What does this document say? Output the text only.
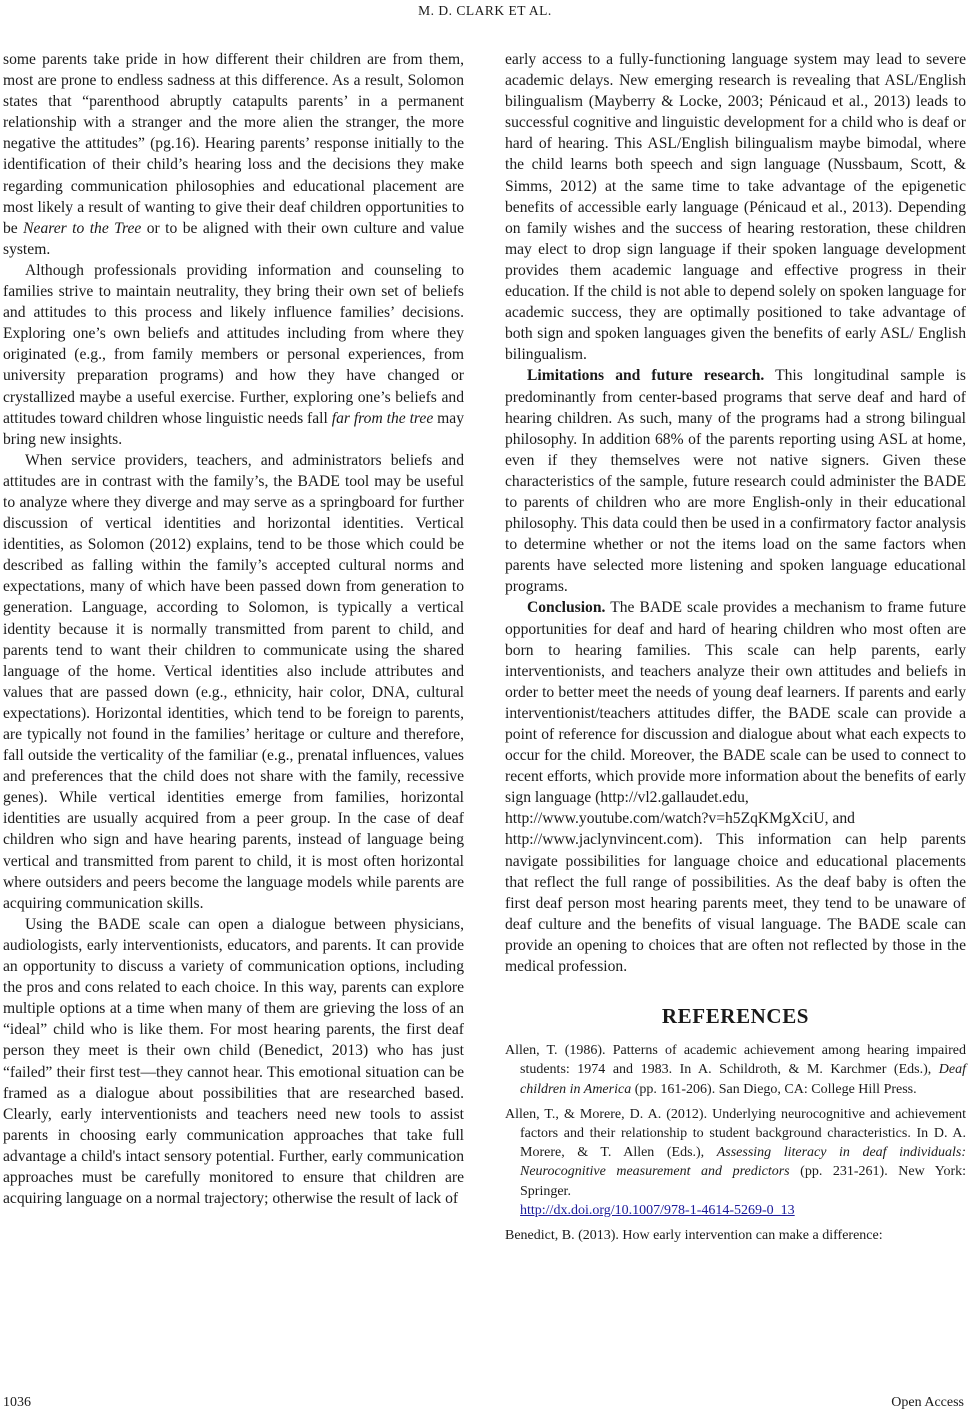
M. D. CLARK ET AL.

some parents take pride in how different their children are from them, most are prone to endless sadness at this difference. As a result, Solomon states that “parenthood abruptly catapults parents’ in a permanent relationship with a stranger and the more alien the stranger, the more negative the attitudes” (pg.16). Hearing parents’ response initially to the identification of their child’s hearing loss and the decisions they make regarding communication philosophies and educational placement are most likely a result of wanting to give their deaf children opportunities to be Nearer to the Tree or to be aligned with their own culture and value system.

Although professionals providing information and counseling to families strive to maintain neutrality, they bring their own set of beliefs and attitudes to this process and likely influence families’ decisions. Exploring one’s own beliefs and attitudes including from where they originated (e.g., from family members or personal experiences, from university preparation programs) and how they have changed or crystallized maybe a useful exercise. Further, exploring one’s beliefs and attitudes toward children whose linguistic needs fall far from the tree may bring new insights.

When service providers, teachers, and administrators beliefs and attitudes are in contrast with the family’s, the BADE tool may be useful to analyze where they diverge and may serve as a springboard for further discussion of vertical identities and horizontal identities. Vertical identities, as Solomon (2012) explains, tend to be those which could be described as falling within the family’s accepted cultural norms and expectations, many of which have been passed down from generation to generation. Language, according to Solomon, is typically a vertical identity because it is normally transmitted from parent to child, and parents tend to want their children to communicate using the shared language of the home. Vertical identities also include attributes and values that are passed down (e.g., ethnicity, hair color, DNA, cultural expectations). Horizontal identities, which tend to be foreign to parents, are typically not found in the families’ heritage or culture and therefore, fall outside the verticality of the familiar (e.g., prenatal influences, values and preferences that the child does not share with the family, recessive genes). While vertical identities emerge from families, horizontal identities are usually acquired from a peer group. In the case of deaf children who sign and have hearing parents, instead of language being vertical and transmitted from parent to child, it is most often horizontal where outsiders and peers become the language models while parents are acquiring communication skills.

Using the BADE scale can open a dialogue between physicians, audiologists, early interventionists, educators, and parents. It can provide an opportunity to discuss a variety of communication options, including the pros and cons related to each choice. In this way, parents can explore multiple options at a time when many of them are grieving the loss of an “ideal” child who is like them. For most hearing parents, the first deaf person they meet is their own child (Benedict, 2013) who has just “failed” their first test—they cannot hear. This emotional situation can be framed as a dialogue about possibilities that are researched based. Clearly, early interventionists and teachers need new tools to assist parents in choosing early communication approaches that take full advantage a child's intact sensory potential. Further, early communication approaches must be carefully monitored to ensure that children are acquiring language on a normal trajectory; otherwise the result of lack of

early access to a fully-functioning language system may lead to severe academic delays. New emerging research is revealing that ASL/English bilingualism (Mayberry & Locke, 2003; Pénicaud et al., 2013) leads to successful cognitive and linguistic development for a child who is deaf or hard of hearing. This ASL/English bilingualism maybe bimodal, where the child learns both speech and sign language (Nussbaum, Scott, & Simms, 2012) at the same time to take advantage of the epigenetic benefits of accessible early language (Pénicaud et al., 2013). Depending on family wishes and the success of hearing restoration, these children may elect to drop sign language if their spoken language development provides them academic language and effective progress in their education. If the child is not able to depend solely on spoken language for academic success, they are optimally positioned to take advantage of both sign and spoken languages given the benefits of early ASL/ English bilingualism.

Limitations and future research. This longitudinal sample is predominantly from center-based programs that serve deaf and hard of hearing children. As such, many of the programs had a strong bilingual philosophy. In addition 68% of the parents reporting using ASL at home, even if they themselves were not native signers. Given these characteristics of the sample, future research could administer the BADE to parents of children who are more English-only in their educational philosophy. This data could then be used in a confirmatory factor analysis to determine whether or not the items load on the same factors when parents have selected more listening and spoken language educational programs.

Conclusion. The BADE scale provides a mechanism to frame future opportunities for deaf and hard of hearing children who most often are born to hearing families. This scale can help parents, early interventionists, and teachers analyze their own attitudes and beliefs in order to better meet the needs of young deaf learners. If parents and early interventionist/teachers attitudes differ, the BADE scale can provide a point of reference for discussion and dialogue about what each expects to occur for the child. Moreover, the BADE scale can be used to connect to recent efforts, which provide more information about the benefits of early sign language (http://vl2.gallaudet.edu,

http://www.youtube.com/watch?v=h5ZqKMgXciU, and

http://www.jaclynvincent.com). This information can help parents navigate possibilities for language choice and educational placements that reflect the full range of possibilities. As the deaf baby is often the first deaf person most hearing parents meet, they tend to be unaware of deaf culture and the benefits of visual language. The BADE scale can provide an opening to choices that are often not reflected by those in the medical profession.

REFERENCES
Allen, T. (1986). Patterns of academic achievement among hearing impaired students: 1974 and 1983. In A. Schildroth, & M. Karchmer (Eds.), Deaf children in America (pp. 161-206). San Diego, CA: College Hill Press.
Allen, T., & Morere, D. A. (2012). Underlying neurocognitive and achievement factors and their relationship to student background characteristics. In D. A. Morere, & T. Allen (Eds.), Assessing literacy in deaf individuals: Neurocognitive measurement and predictors (pp. 231-261). New York: Springer.
http://dx.doi.org/10.1007/978-1-4614-5269-0_13
Benedict, B. (2013). How early intervention can make a difference:
1036	Open Access
